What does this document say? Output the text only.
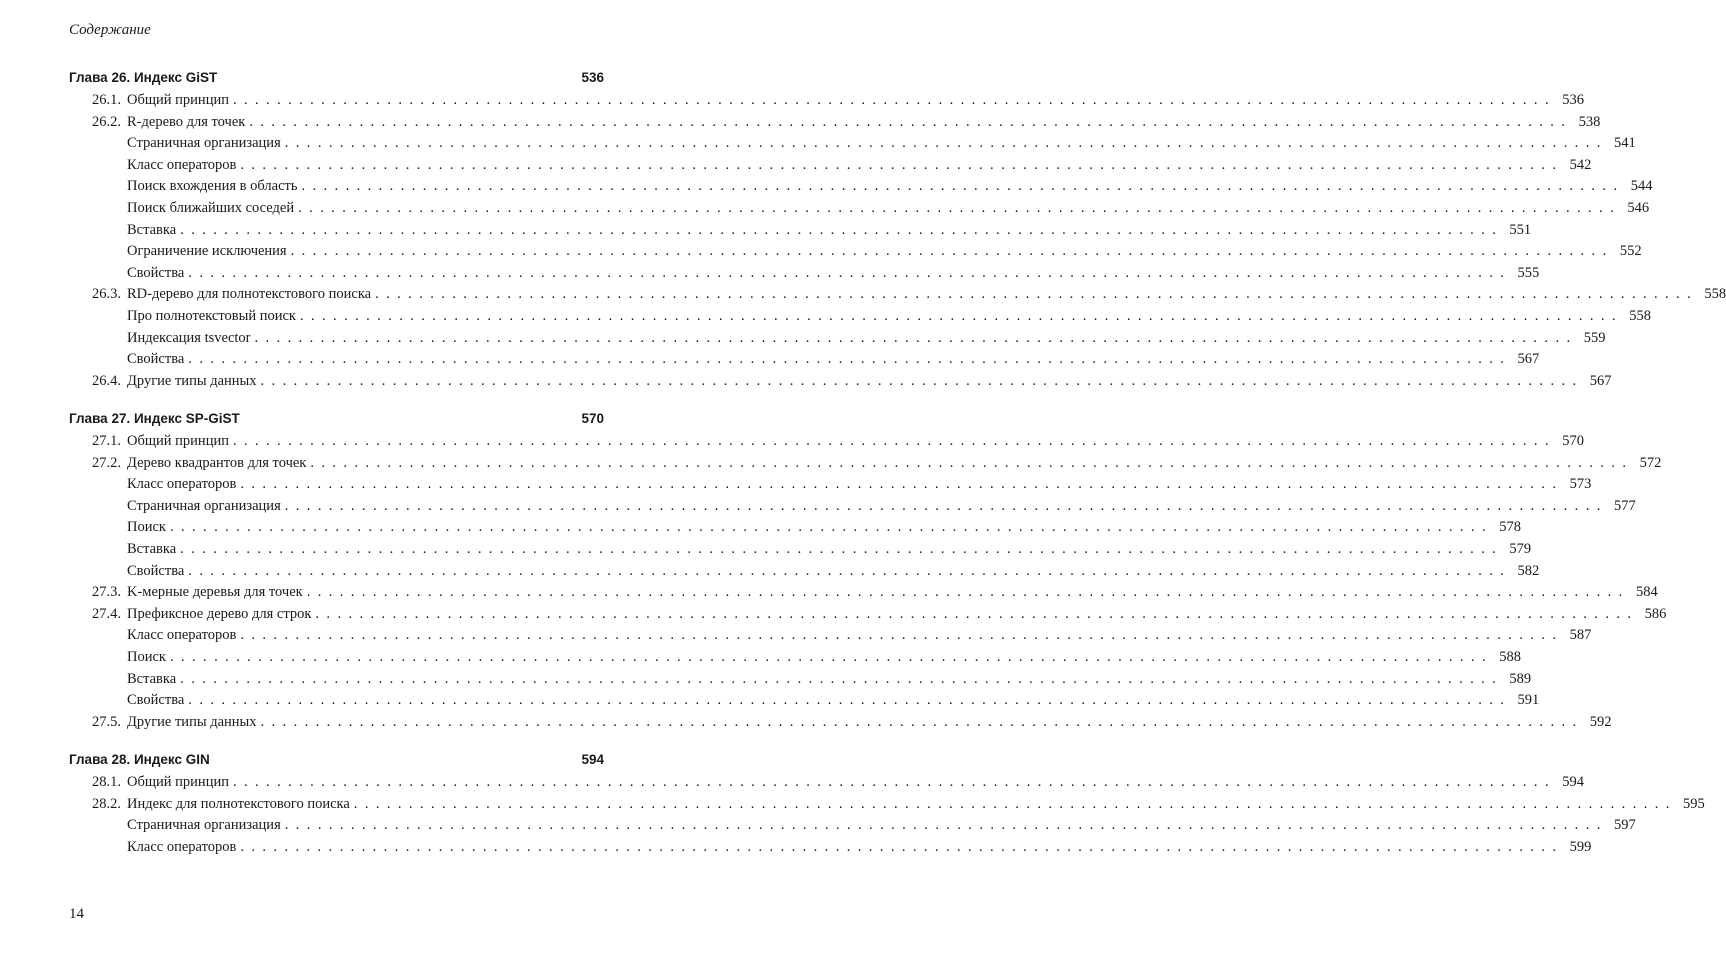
Содержание
Глава 26. Индекс GiST	536
26.1. Общий принцип ........................................................................................................................ 536
26.2. R-дерево для точек ........................................................................................................................ 538
Страничная организация ........................................................................................................................ 541
Класс операторов ........................................................................................................................ 542
Поиск вхождения в область ........................................................................................................................ 544
Поиск ближайших соседей ........................................................................................................................ 546
Вставка ........................................................................................................................ 551
Ограничение исключения ........................................................................................................................ 552
Свойства ........................................................................................................................ 555
26.3. RD-дерево для полнотекстового поиска ........................................................................................................................ 558
Про полнотекстовый поиск ........................................................................................................................ 558
Индексация tsvector ........................................................................................................................ 559
Свойства ........................................................................................................................ 567
26.4. Другие типы данных ........................................................................................................................ 567
Глава 27. Индекс SP-GiST	570
27.1. Общий принцип ........................................................................................................................ 570
27.2. Дерево квадрантов для точек ........................................................................................................................ 572
Класс операторов ........................................................................................................................ 573
Страничная организация ........................................................................................................................ 577
Поиск ........................................................................................................................ 578
Вставка ........................................................................................................................ 579
Свойства ........................................................................................................................ 582
27.3. K-мерные деревья для точек ........................................................................................................................ 584
27.4. Префиксное дерево для строк ........................................................................................................................ 586
Класс операторов ........................................................................................................................ 587
Поиск ........................................................................................................................ 588
Вставка ........................................................................................................................ 589
Свойства ........................................................................................................................ 591
27.5. Другие типы данных ........................................................................................................................ 592
Глава 28. Индекс GIN	594
28.1. Общий принцип ........................................................................................................................ 594
28.2. Индекс для полнотекстового поиска ........................................................................................................................ 595
Страничная организация ........................................................................................................................ 597
Класс операторов ........................................................................................................................ 599
14
